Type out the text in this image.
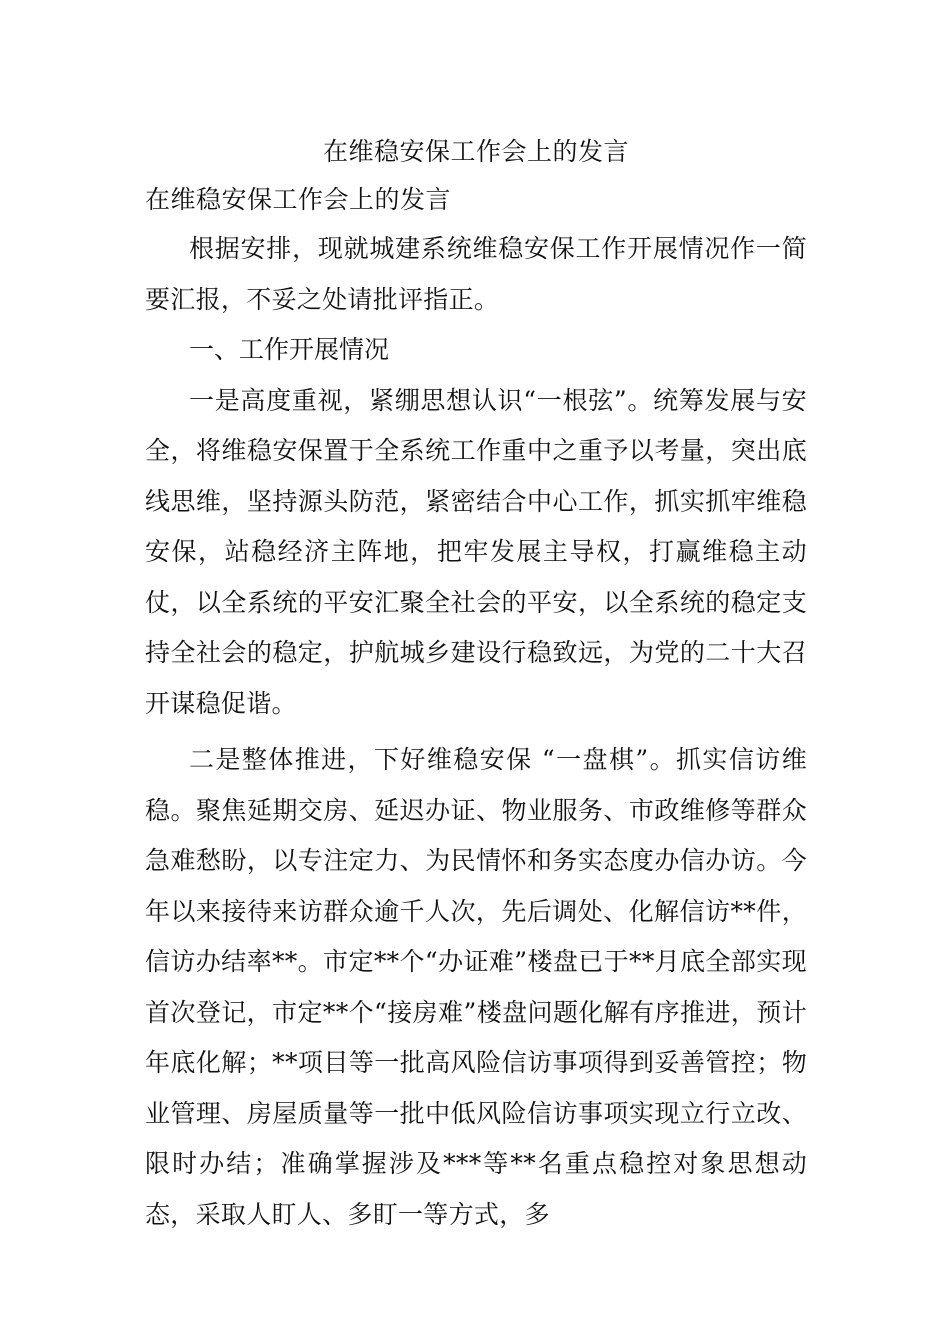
在维稳安保工作会上的发言
在维稳安保工作会上的发言

根据安排，现就城建系统维稳安保工作开展情况作一简要汇报，不妥之处请批评指正。

一、工作开展情况

一是高度重视，紧绷思想认识“一根弦”。统筹发展与安全，将维稳安保置于全系统工作重中之重予以考量，突出底 线思维，坚持源头防范，紧密结合中心工作，抓实抓牢维稳安保，站稳经济主阵地，把牢发展主导权，打赢维稳主动仗，以全系统的平安汇聚全社会的平安，以全系统的稳定支持全社会的稳定，护航城乡建设行稳致远，为党的二十大召开谋稳促谐。

二是整体推进，下好维稳安保 “一盘棋”。抓实信访维稳。聚焦延期交房、延迟办证、物业服务、市政维修等群众急难愁盼，以专注定力、为民情怀和务实态度办信办访。今年以来接待来访群众逾千人次，先后调处、化解信访**件，信访办结率**。市定**个“办证难”楼盘已于**月底全部实现首次登记，市定**个“接房难”楼盘问题化解有序推进，预计年底化解；**项目等一批高风险信访事项得到妥善管控；物业管理、房屋质量等一批中低风险信访事项实现立行立改、限时办结；准确掌握涉及***等**名重点稳控对象思想动态，采取人盯人、多盯一等方式，多
